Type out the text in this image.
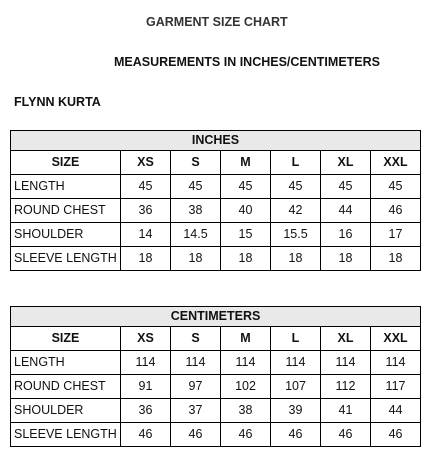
GARMENT SIZE CHART
MEASUREMENTS IN INCHES/CENTIMETERS
FLYNN KURTA
INCHES						
SIZE	XS	S	M	L	XL	XXL
LENGTH	45	45	45	45	45	45
ROUND CHEST	36	38	40	42	44	46
SHOULDER	14	14.5	15	15.5	16	17
SLEEVE LENGTH	18	18	18	18	18	18
CENTIMETERS						
SIZE	XS	S	M	L	XL	XXL
LENGTH	114	114	114	114	114	114
ROUND CHEST	91	97	102	107	112	117
SHOULDER	36	37	38	39	41	44
SLEEVE LENGTH	46	46	46	46	46	46
